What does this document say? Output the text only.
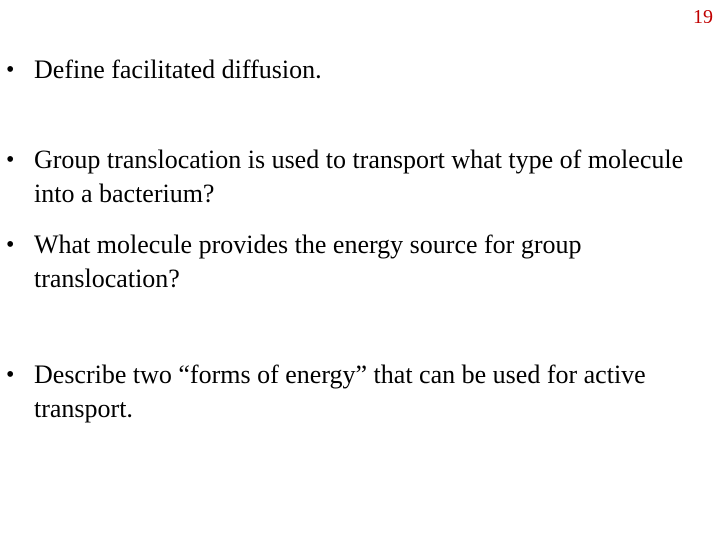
19
• Define facilitated diffusion.
• Group translocation is used to transport what type of molecule into a bacterium?
• What molecule provides the energy source for group translocation?
• Describe two “forms of energy” that can be used for active transport.
